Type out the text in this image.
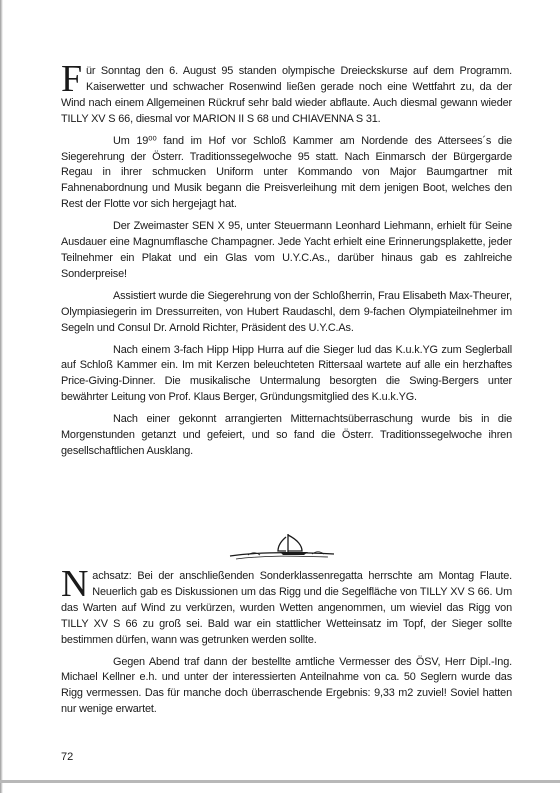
Für Sonntag den 6. August 95 standen olympische Dreieckskurse auf dem Programm. Kaiserwetter und schwacher Rosenwind ließen gerade noch eine Wettfahrt zu, da der Wind nach einem Allgemeinen Rückruf sehr bald wieder abflaute. Auch diesmal gewann wieder TILLY XV S 66, diesmal vor MARION II S 68 und CHIAVENNA S 31.

Um 19⁰⁰ fand im Hof vor Schloß Kammer am Nordende des Attersees´s die Siegerehrung der Österr. Traditionssegelwoche 95 statt. Nach Einmarsch der Bürgergarde Regau in ihrer schmucken Uniform unter Kommando von Major Baumgartner mit Fahnenabordnung und Musik begann die Preisverleihung mit dem jenigen Boot, welches den Rest der Flotte vor sich hergejagt hat.

Der Zweimaster SEN X 95, unter Steuermann Leonhard Liehmann, erhielt für Seine Ausdauer eine Magnumflasche Champagner. Jede Yacht erhielt eine Erinnerungsplakette, jeder Teilnehmer ein Plakat und ein Glas vom U.Y.C.As., darüber hinaus gab es zahlreiche Sonderpreise!

Assistiert wurde die Siegerehrung von der Schloßherrin, Frau Elisabeth Max-Theurer, Olympiasiegerin im Dressurreiten, von Hubert Raudaschl, dem 9-fachen Olympiateilnehmer im Segeln und Consul Dr. Arnold Richter, Präsident des U.Y.C.As.

Nach einem 3-fach Hipp Hipp Hurra auf die Sieger lud das K.u.k.YG zum Seglerball auf Schloß Kammer ein. Im mit Kerzen beleuchteten Rittersaal wartete auf alle ein herzhaftes Price-Giving-Dinner. Die musikalische Untermalung besorgten die Swing-Bergers unter bewährter Leitung von Prof. Klaus Berger, Gründungsmitglied des K.u.k.YG.

Nach einer gekonnt arrangierten Mitternachtsüberraschung wurde bis in die Morgenstunden getanzt und gefeiert, und so fand die Österr. Traditionssegelwoche ihren gesellschaftlichen Ausklang.

Nachsatz: Bei der anschließenden Sonderklassenregatta herrschte am Montag Flaute. Neuerlich gab es Diskussionen um das Rigg und die Segelfläche von TILLY XV S 66. Um das Warten auf Wind zu verkürzen, wurden Wetten angenommen, um wieviel das Rigg von TILLY XV S 66 zu groß sei. Bald war ein stattlicher Wetteinsatz im Topf, der Sieger sollte bestimmen dürfen, wann was getrunken werden sollte.

Gegen Abend traf dann der bestellte amtliche Vermesser des ÖSV, Herr Dipl.-Ing. Michael Kellner e.h. und unter der interessierten Anteilnahme von ca. 50 Seglern wurde das Rigg vermessen. Das für manche doch überraschende Ergebnis: 9,33 m2 zuviel! Soviel hatten nur wenige erwartet.

72
